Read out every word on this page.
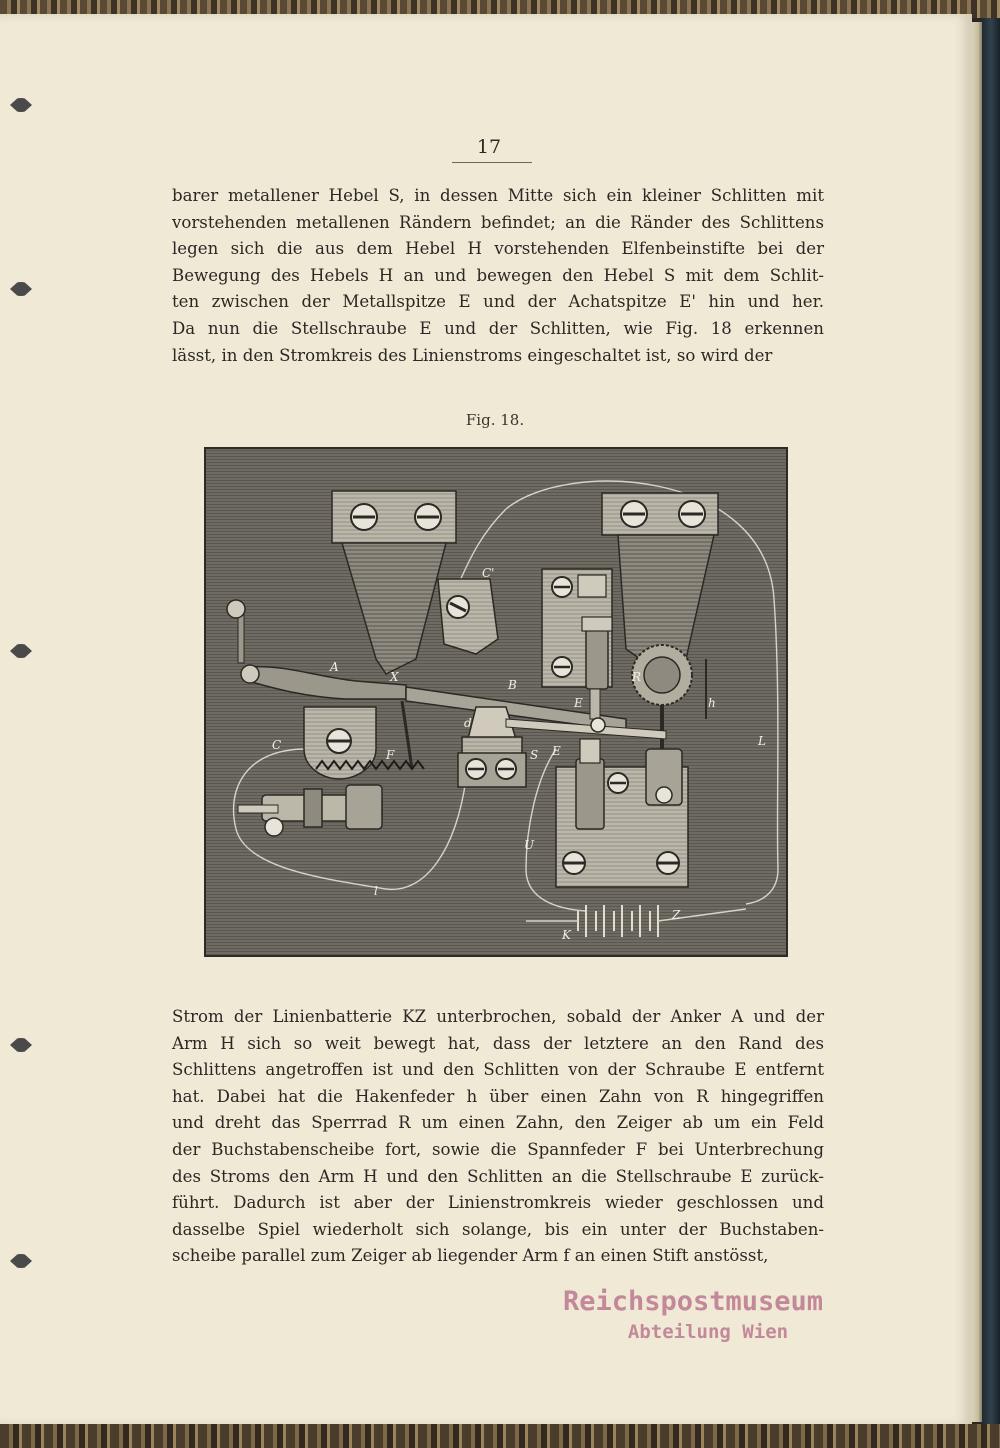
17
barer metallener Hebel S, in dessen Mitte sich ein kleiner Schlitten mit
vorstehenden metallenen Rändern befindet; an die Ränder des Schlittens
legen sich die aus dem Hebel H vorstehenden Elfenbeinstifte bei der
Bewegung des Hebels H an und bewegen den Hebel S mit dem Schlit-
ten zwischen der Metallspitze E und der Achatspitze E' hin und her.
Da nun die Stellschraube E und der Schlitten, wie Fig. 18 erkennen
lässt, in den Stromkreis des Linienstroms eingeschaltet ist, so wird der
Fig. 18.
A
X
C'
C
B
d
F	S
E
E
R
h
L
U
l
K
Z
Strom der Linienbatterie KZ unterbrochen, sobald der Anker A und der
Arm H sich so weit bewegt hat, dass der letztere an den Rand des
Schlittens angetroffen ist und den Schlitten von der Schraube E entfernt
hat. Dabei hat die Hakenfeder h über einen Zahn von R hingegriffen
und dreht das Sperrrad R um einen Zahn, den Zeiger ab um ein Feld
der Buchstabenscheibe fort, sowie die Spannfeder F bei Unterbrechung
des Stroms den Arm H und den Schlitten an die Stellschraube E zurück-
führt. Dadurch ist aber der Linienstromkreis wieder geschlossen und
dasselbe Spiel wiederholt sich solange, bis ein unter der Buchstaben-
scheibe parallel zum Zeiger ab liegender Arm f an einen Stift anstösst,
Reichspostmuseum
Abteilung Wien
